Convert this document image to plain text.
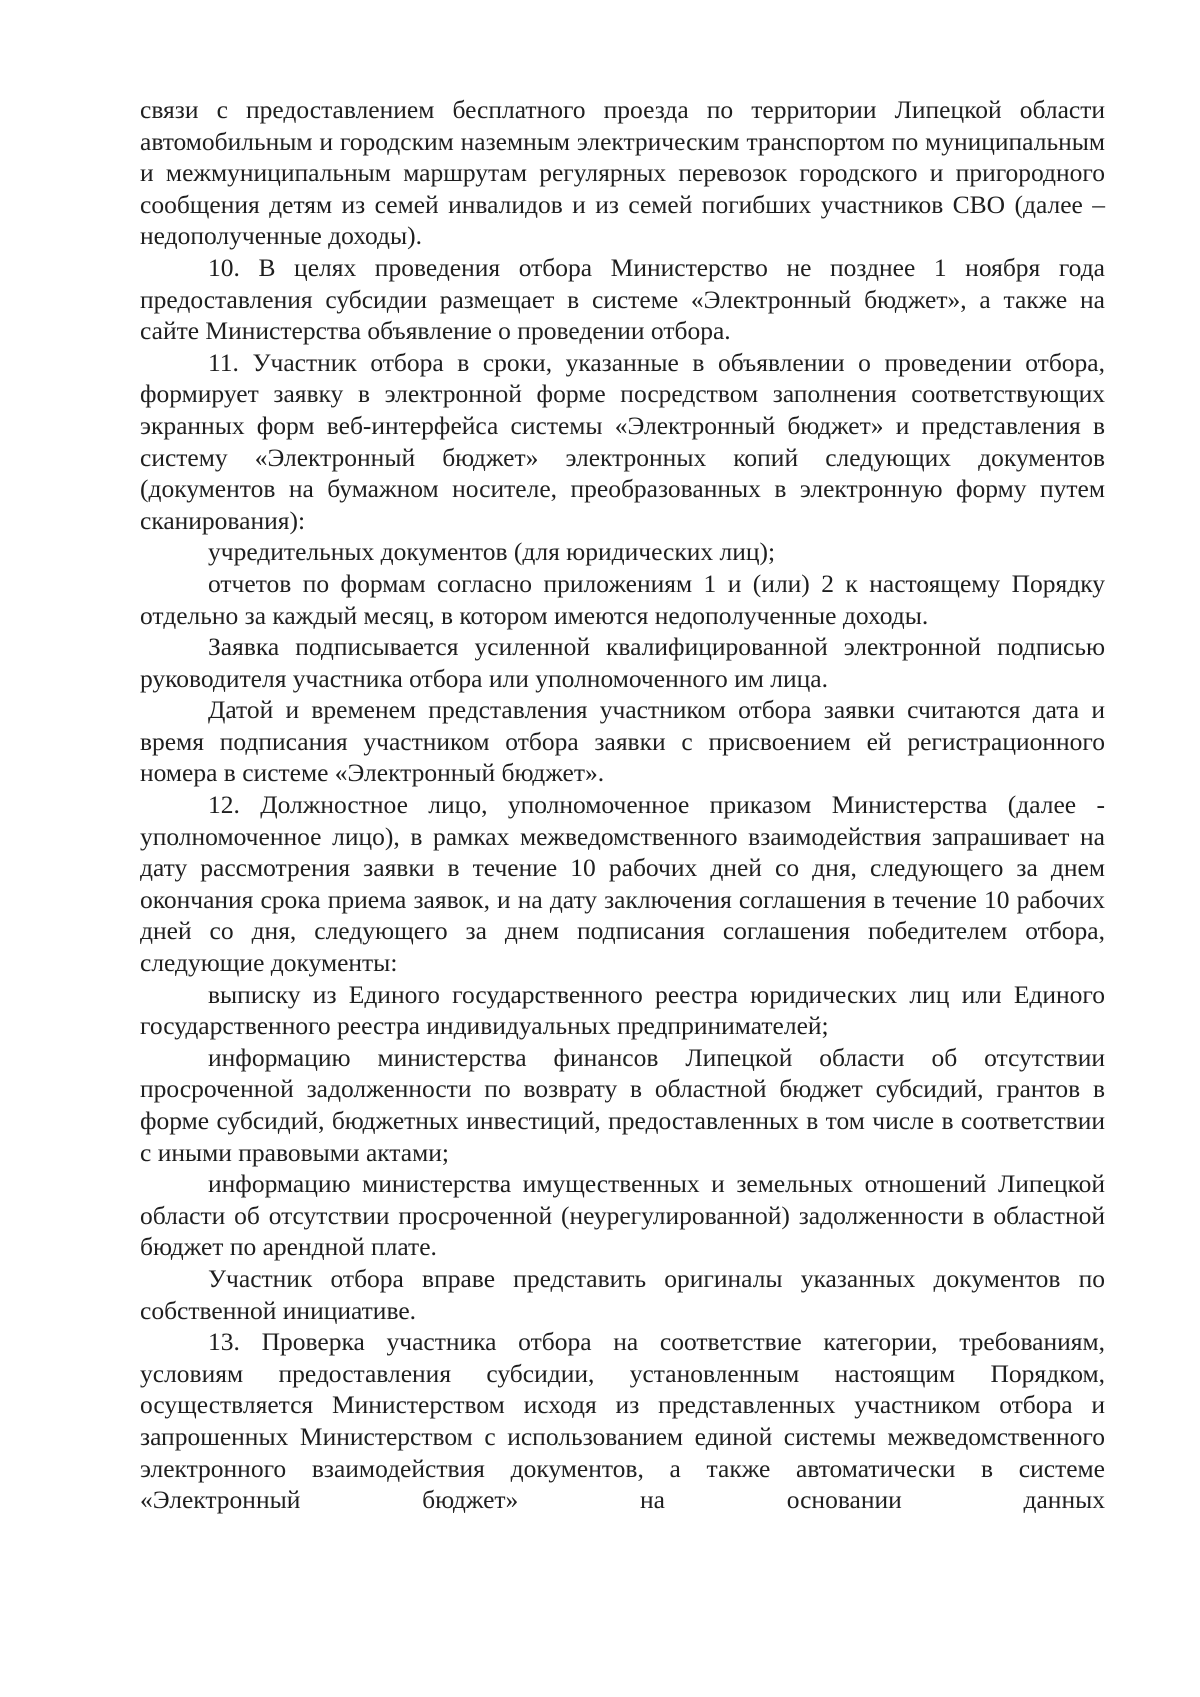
связи с предоставлением бесплатного проезда по территории Липецкой области автомобильным и городским наземным электрическим транспортом по муниципальным и межмуниципальным маршрутам регулярных перевозок городского и пригородного сообщения детям из семей инвалидов и из семей погибших участников СВО (далее – недополученные доходы).

10. В целях проведения отбора Министерство не позднее 1 ноября года предоставления субсидии размещает в системе «Электронный бюджет», а также на сайте Министерства объявление о проведении отбора.

11. Участник отбора в сроки, указанные в объявлении о проведении отбора, формирует заявку в электронной форме посредством заполнения соответствующих экранных форм веб-интерфейса системы «Электронный бюджет» и представления в систему «Электронный бюджет» электронных копий следующих документов (документов на бумажном носителе, преобразованных в электронную форму путем сканирования):

учредительных документов (для юридических лиц);

отчетов по формам согласно приложениям 1 и (или) 2 к настоящему Порядку отдельно за каждый месяц, в котором имеются недополученные доходы.

Заявка подписывается усиленной квалифицированной электронной подписью руководителя участника отбора или уполномоченного им лица.

Датой и временем представления участником отбора заявки считаются дата и время подписания участником отбора заявки с присвоением ей регистрационного номера в системе «Электронный бюджет».

12. Должностное лицо, уполномоченное приказом Министерства (далее - уполномоченное лицо), в рамках межведомственного взаимодействия запрашивает на дату рассмотрения заявки в течение 10 рабочих дней со дня, следующего за днем окончания срока приема заявок, и на дату заключения соглашения в течение 10 рабочих дней со дня, следующего за днем подписания соглашения победителем отбора, следующие документы:

выписку из Единого государственного реестра юридических лиц или Единого государственного реестра индивидуальных предпринимателей;

информацию министерства финансов Липецкой области об отсутствии просроченной задолженности по возврату в областной бюджет субсидий, грантов в форме субсидий, бюджетных инвестиций, предоставленных в том числе в соответствии с иными правовыми актами;

информацию министерства имущественных и земельных отношений Липецкой области об отсутствии просроченной (неурегулированной) задолженности в областной бюджет по арендной плате.

Участник отбора вправе представить оригиналы указанных документов по собственной инициативе.

13. Проверка участника отбора на соответствие категории, требованиям, условиям предоставления субсидии, установленным настоящим Порядком, осуществляется Министерством исходя из представленных участником отбора и запрошенных Министерством с использованием единой системы межведомственного электронного взаимодействия документов, а также автоматически в системе «Электронный бюджет» на основании данных
